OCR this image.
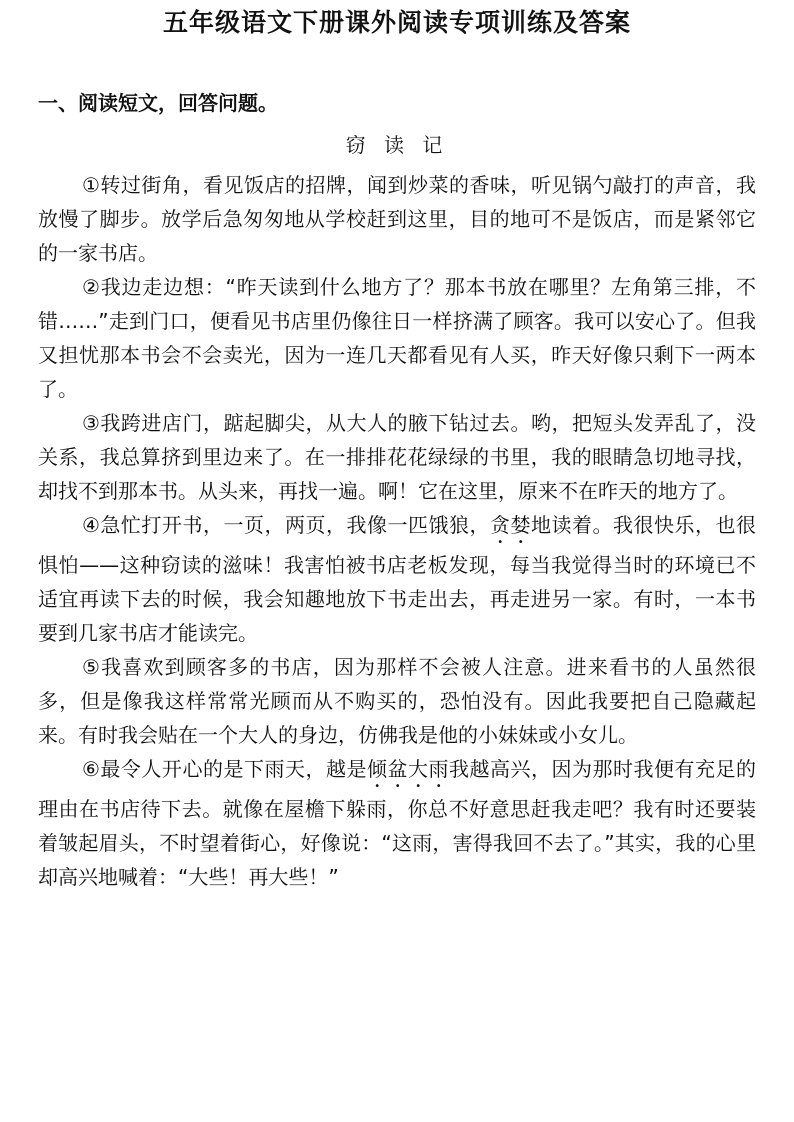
五年级语文下册课外阅读专项训练及答案
一、阅读短文，回答问题。
窃 读 记

①转过街角，看见饭店的招牌，闻到炒菜的香味，听见锅勺敲打的声音，我放慢了脚步。放学后急匆匆地从学校赶到这里，目的地可不是饭店，而是紧邻它的一家书店。

②我边走边想：“昨天读到什么地方了？那本书放在哪里？左角第三排，不错……”走到门口，便看见书店里仍像往日一样挤满了顾客。我可以安心了。但我又担忧那本书会不会卖光，因为一连几天都看见有人买，昨天好像只剩下一两本了。

③我跨进店门，踮起脚尖，从大人的腋下钻过去。哟，把短头发弄乱了，没关系，我总算挤到里边来了。在一排排花花绿绿的书里，我的眼睛急切地寻找，却找不到那本书。从头来，再找一遍。啊！它在这里，原来不在昨天的地方了。

④急忙打开书，一页，两页，我像一匹饿狼，贪婪地读着。我很快乐，也很惧怕——这种窃读的滋味！我害怕被书店老板发现，每当我觉得当时的环境已不适宜再读下去的时候，我会知趣地放下书走出去，再走进另一家。有时，一本书要到几家书店才能读完。

⑤我喜欢到顾客多的书店，因为那样不会被人注意。进来看书的人虽然很多，但是像我这样常常光顾而从不购买的，恐怕没有。因此我要把自己隐藏起来。有时我会贴在一个大人的身边，仿佛我是他的小妹妹或小女儿。

⑥最令人开心的是下雨天，越是倾盆大雨我越高兴，因为那时我便有充足的理由在书店待下去。就像在屋檐下躲雨，你总不好意思赶我走吧？我有时还要装着皱起眉头，不时望着街心，好像说：“这雨，害得我回不去了。”其实，我的心里却高兴地喊着：“大些！再大些！”
